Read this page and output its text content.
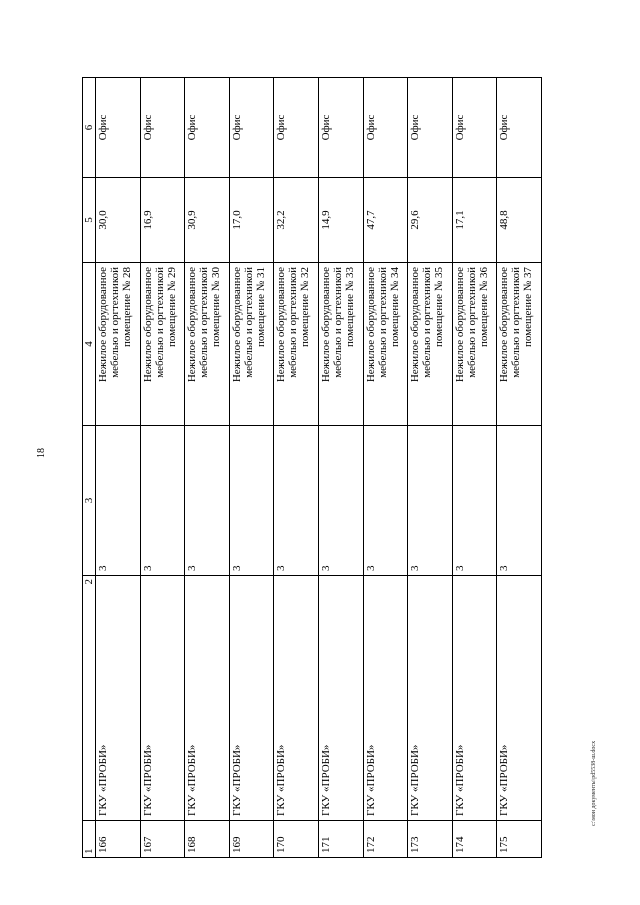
18
1	2	3	4	5	6
166	ГКУ «ПРОБИ»	3	Нежилое оборудованное мебелью и оргтехникой помещение № 28	30,0	Офис
167	ГКУ «ПРОБИ»	3	Нежилое оборудованное мебелью и оргтехникой помещение № 29	16,9	Офис
168	ГКУ «ПРОБИ»	3	Нежилое оборудованное мебелью и оргтехникой помещение № 30	30,9	Офис
169	ГКУ «ПРОБИ»	3	Нежилое оборудованное мебелью и оргтехникой помещение № 31	17,0	Офис
170	ГКУ «ПРОБИ»	3	Нежилое оборудованное мебелью и оргтехникой помещение № 32	32,2	Офис
171	ГКУ «ПРОБИ»	3	Нежилое оборудованное мебелью и оргтехникой помещение № 33	14,9	Офис
172	ГКУ «ПРОБИ»	3	Нежилое оборудованное мебелью и оргтехникой помещение № 34	47,7	Офис
173	ГКУ «ПРОБИ»	3	Нежилое оборудованное мебелью и оргтехникой помещение № 35	29,6	Офис
174	ГКУ «ПРОБИ»	3	Нежилое оборудованное мебелью и оргтехникой помещение № 36	17,1	Офис
175	ГКУ «ПРОБИ»	3	Нежилое оборудованное мебелью и оргтехникой помещение № 37	48,8	Офис
c:\мои документы\pd5538-ш.docx
